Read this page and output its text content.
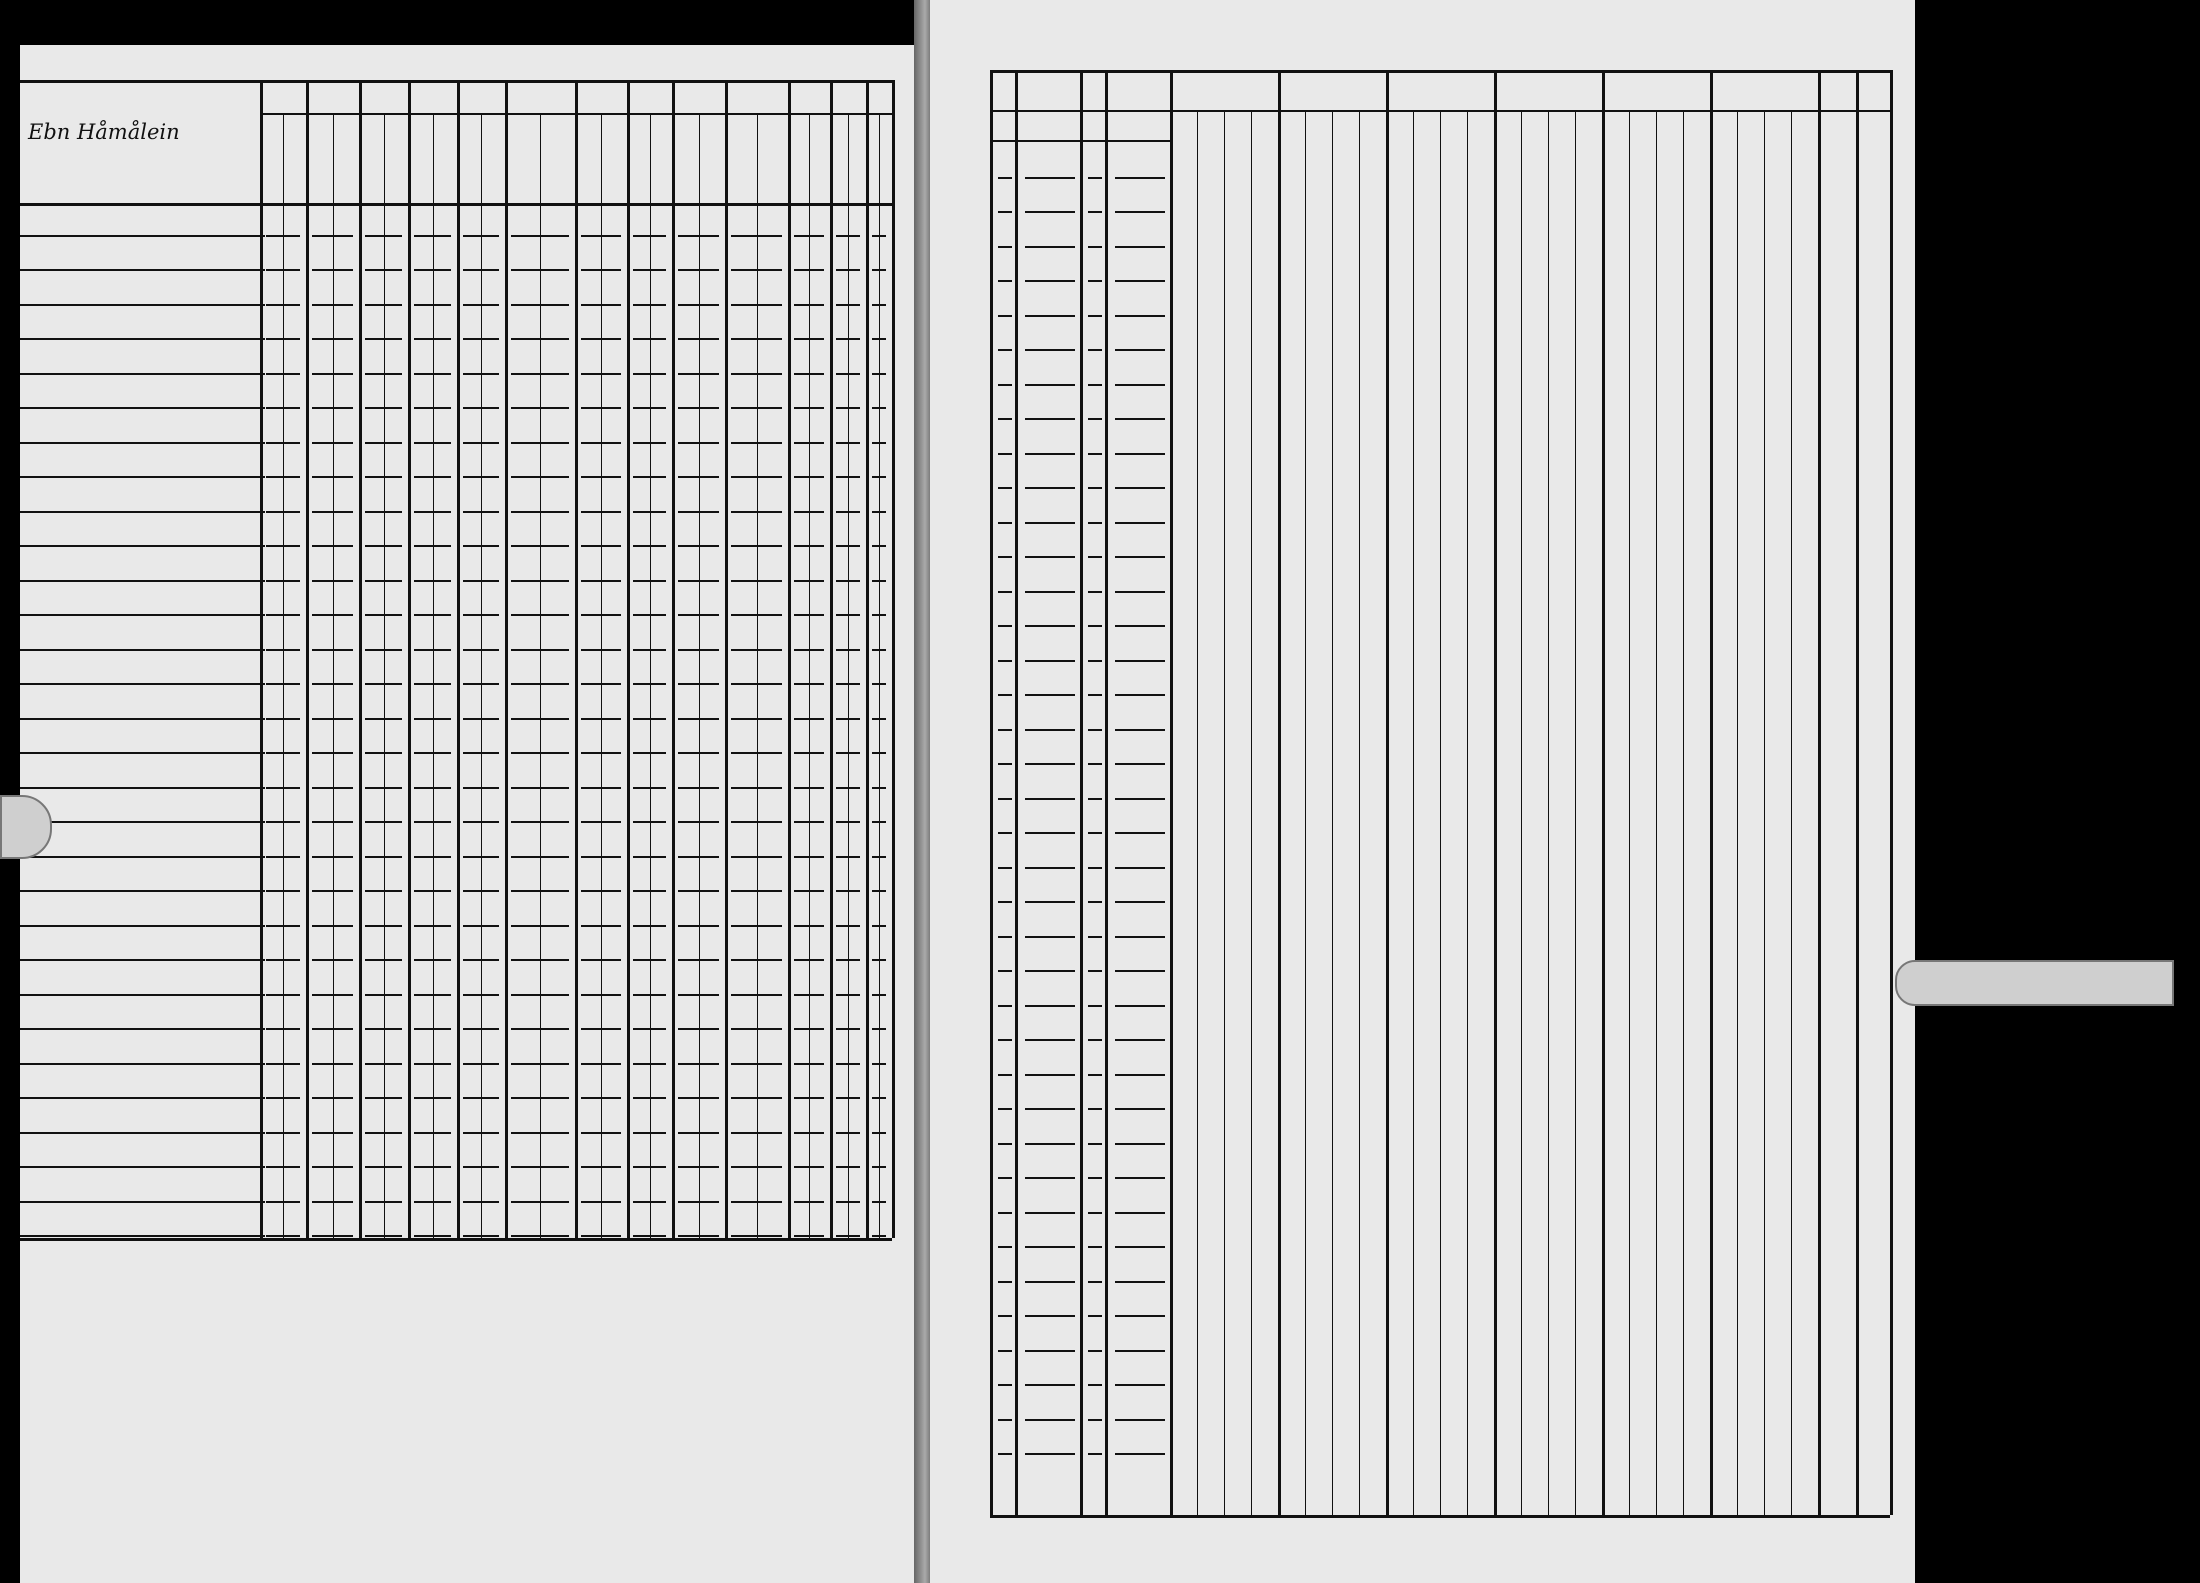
Ebn Håmålein
